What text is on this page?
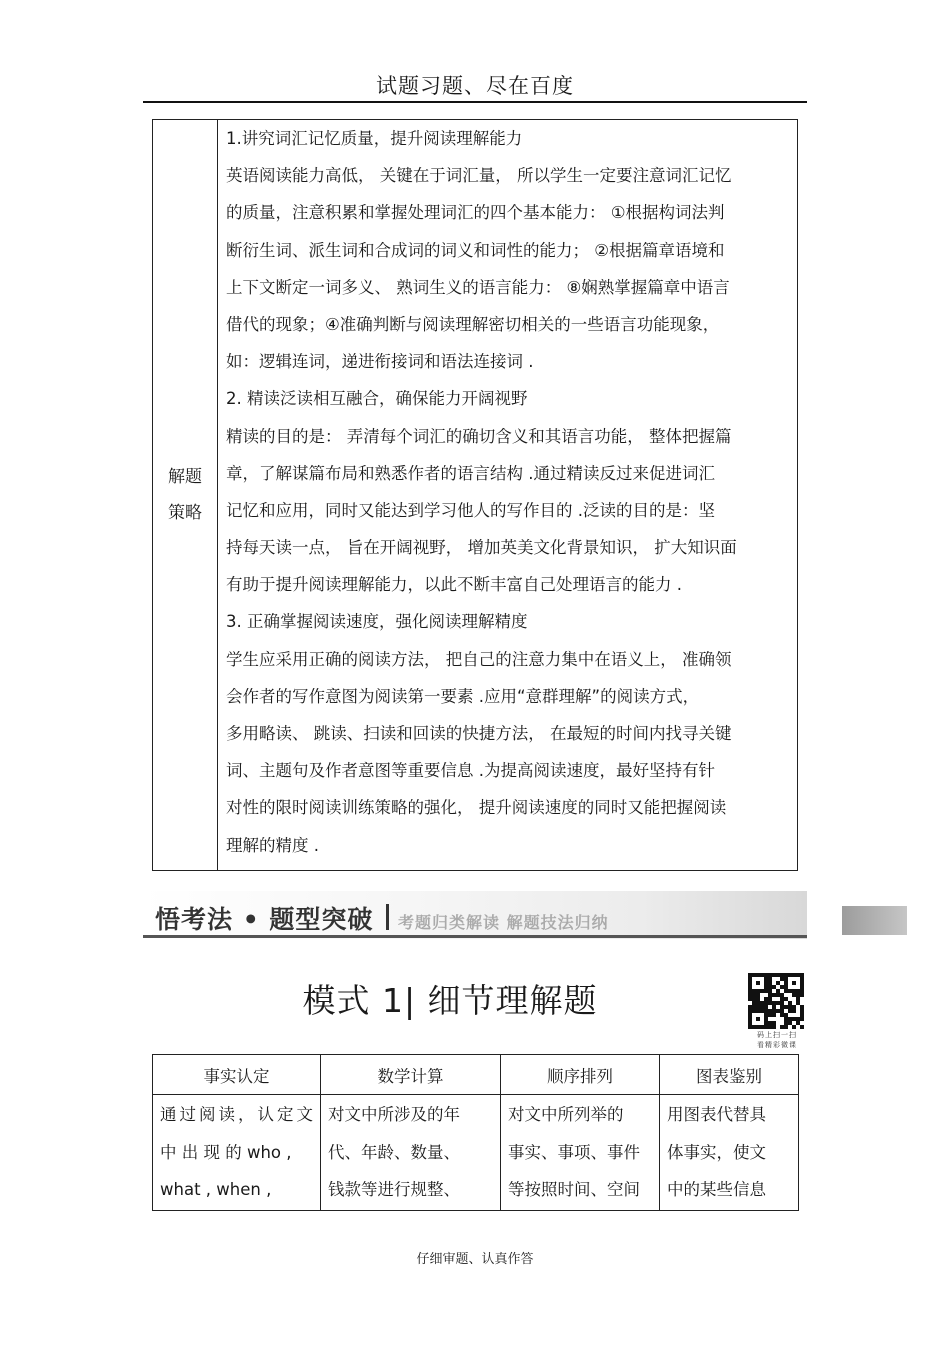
试题习题、尽在百度
解题
策略

1.讲究词汇记忆质量，提升阅读理解能力
英语阅读能力高低， 关键在于词汇量， 所以学生一定要注意词汇记忆
的质量，注意积累和掌握处理词汇的四个基本能力： ①根据构词法判
断衍生词、派生词和合成词的词义和词性的能力； ②根据篇章语境和
上下文断定一词多义、 熟词生义的语言能力： ⑧娴熟掌握篇章中语言
借代的现象；④准确判断与阅读理解密切相关的一些语言功能现象，
如：逻辑连词，递进衔接词和语法连接词 .
2. 精读泛读相互融合，确保能力开阔视野
精读的目的是： 弄清每个词汇的确切含义和其语言功能， 整体把握篇
章，了解谋篇布局和熟悉作者的语言结构 .通过精读反过来促进词汇
记忆和应用，同时又能达到学习他人的写作目的 .泛读的目的是：坚
持每天读一点， 旨在开阔视野， 增加英美文化背景知识， 扩大知识面
有助于提升阅读理解能力，以此不断丰富自己处理语言的能力 .
3. 正确掌握阅读速度，强化阅读理解精度
学生应采用正确的阅读方法， 把自己的注意力集中在语义上， 准确领
会作者的写作意图为阅读第一要素 .应用“意群理解”的阅读方式，
多用略读、 跳读、扫读和回读的快捷方法， 在最短的时间内找寻关键
词、主题句及作者意图等重要信息 .为提高阅读速度，最好坚持有针
对性的限时阅读训练策略的强化， 提升阅读速度的同时又能把握阅读
理解的精度 .
悟考法 • 题型突破 考题归类解读 解题技法归纳
模式 1| 细节理解题
码上扫一扫
看精彩微课
事实认定	数学计算	顺序排列	图表鉴别

通过阅读，认定文
中 出 现 的 who ,
what , when ,	对文中所涉及的年
代、年龄、数量、
钱款等进行规整、	对文中所列举的
事实、事项、事件
等按照时间、空间	用图表代替具
体事实，使文
中的某些信息
仔细审题、认真作答
